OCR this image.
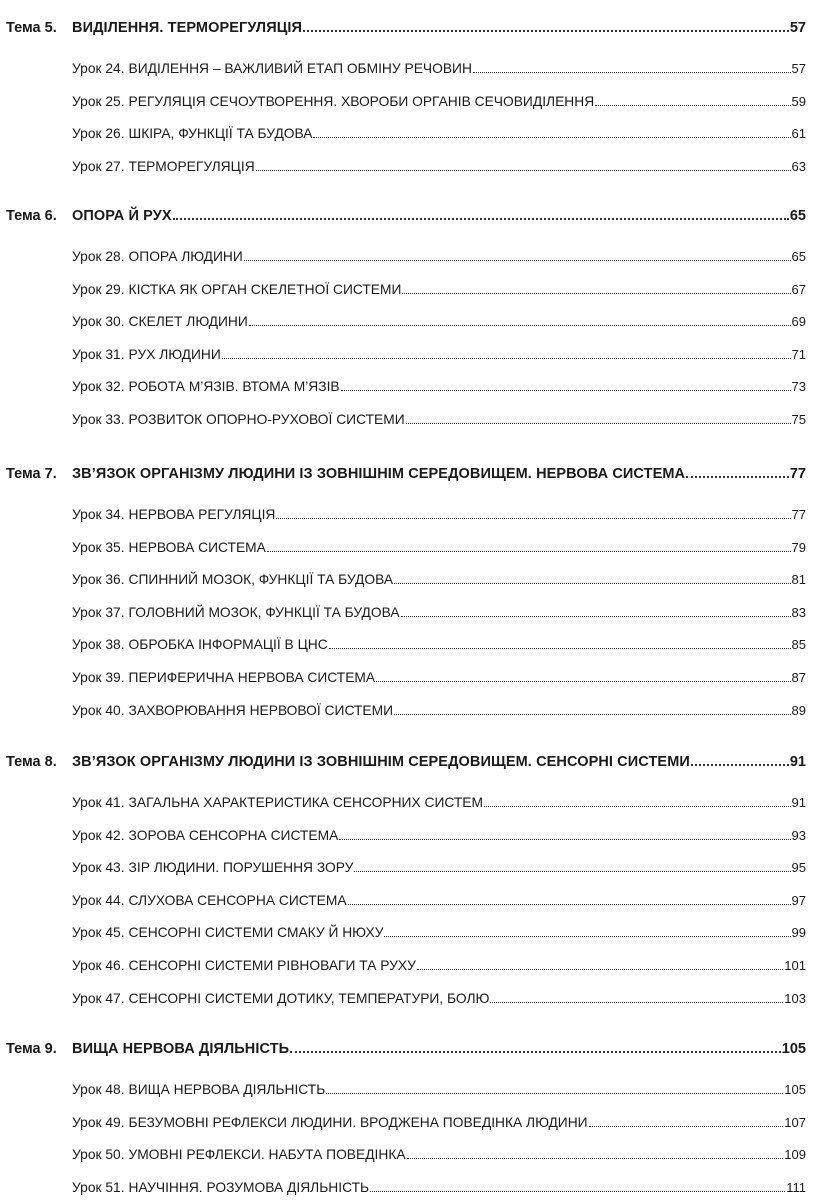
Тема 5.	ВИДІЛЕННЯ. ТЕРМОРЕГУЛЯЦІЯ	57
Урок 24. ВИДІЛЕННЯ – ВАЖЛИВИЙ ЕТАП ОБМІНУ РЕЧОВИН	57
Урок 25. РЕГУЛЯЦІЯ СЕЧОУТВОРЕННЯ. ХВОРОБИ ОРГАНІВ СЕЧОВИДІЛЕННЯ	59
Урок 26. ШКІРА, ФУНКЦІЇ ТА БУДОВА	61
Урок 27. ТЕРМОРЕГУЛЯЦІЯ	63
Тема 6.	ОПОРА Й РУХ	65
Урок 28. ОПОРА ЛЮДИНИ	65
Урок 29. КІСТКА ЯК ОРГАН СКЕЛЕТНОЇ СИСТЕМИ	67
Урок 30. СКЕЛЕТ ЛЮДИНИ	69
Урок 31. РУХ ЛЮДИНИ	71
Урок 32. РОБОТА М’ЯЗІВ. ВТОМА М’ЯЗІВ	73
Урок 33. РОЗВИТОК ОПОРНО-РУХОВОЇ СИСТЕМИ	75
Тема 7.	ЗВ’ЯЗОК ОРГАНІЗМУ ЛЮДИНИ ІЗ ЗОВНІШНІМ СЕРЕДОВИЩЕМ. НЕРВОВА СИСТЕМА	77
Урок 34. НЕРВОВА РЕГУЛЯЦІЯ	77
Урок 35. НЕРВОВА СИСТЕМА	79
Урок 36. СПИННИЙ МОЗОК, ФУНКЦІЇ ТА БУДОВА	81
Урок 37. ГОЛОВНИЙ МОЗОК, ФУНКЦІЇ ТА БУДОВА	83
Урок 38. ОБРОБКА ІНФОРМАЦІЇ В ЦНС	85
Урок 39. ПЕРИФЕРИЧНА НЕРВОВА СИСТЕМА	87
Урок 40. ЗАХВОРЮВАННЯ НЕРВОВОЇ СИСТЕМИ	89
Тема 8.	ЗВ’ЯЗОК ОРГАНІЗМУ ЛЮДИНИ ІЗ ЗОВНІШНІМ СЕРЕДОВИЩЕМ. СЕНСОРНІ СИСТЕМИ	91
Урок 41. ЗАГАЛЬНА ХАРАКТЕРИСТИКА СЕНСОРНИХ СИСТЕМ	91
Урок 42. ЗОРОВА СЕНСОРНА СИСТЕМА	93
Урок 43. ЗІР ЛЮДИНИ. ПОРУШЕННЯ ЗОРУ	95
Урок 44. СЛУХОВА СЕНСОРНА СИСТЕМА	97
Урок 45. СЕНСОРНІ СИСТЕМИ СМАКУ Й НЮХУ	99
Урок 46. СЕНСОРНІ СИСТЕМИ РІВНОВАГИ ТА РУХУ	101
Урок 47. СЕНСОРНІ СИСТЕМИ ДОТИКУ, ТЕМПЕРАТУРИ, БОЛЮ	103
Тема 9.	ВИЩА НЕРВОВА ДІЯЛЬНІСТЬ	105
Урок 48. ВИЩА НЕРВОВА ДІЯЛЬНІСТЬ	105
Урок 49. БЕЗУМОВНІ РЕФЛЕКСИ ЛЮДИНИ. ВРОДЖЕНА ПОВЕДІНКА ЛЮДИНИ	107
Урок 50. УМОВНІ РЕФЛЕКСИ. НАБУТА ПОВЕДІНКА	109
Урок 51. НАУЧІННЯ. РОЗУМОВА ДІЯЛЬНІСТЬ	111
